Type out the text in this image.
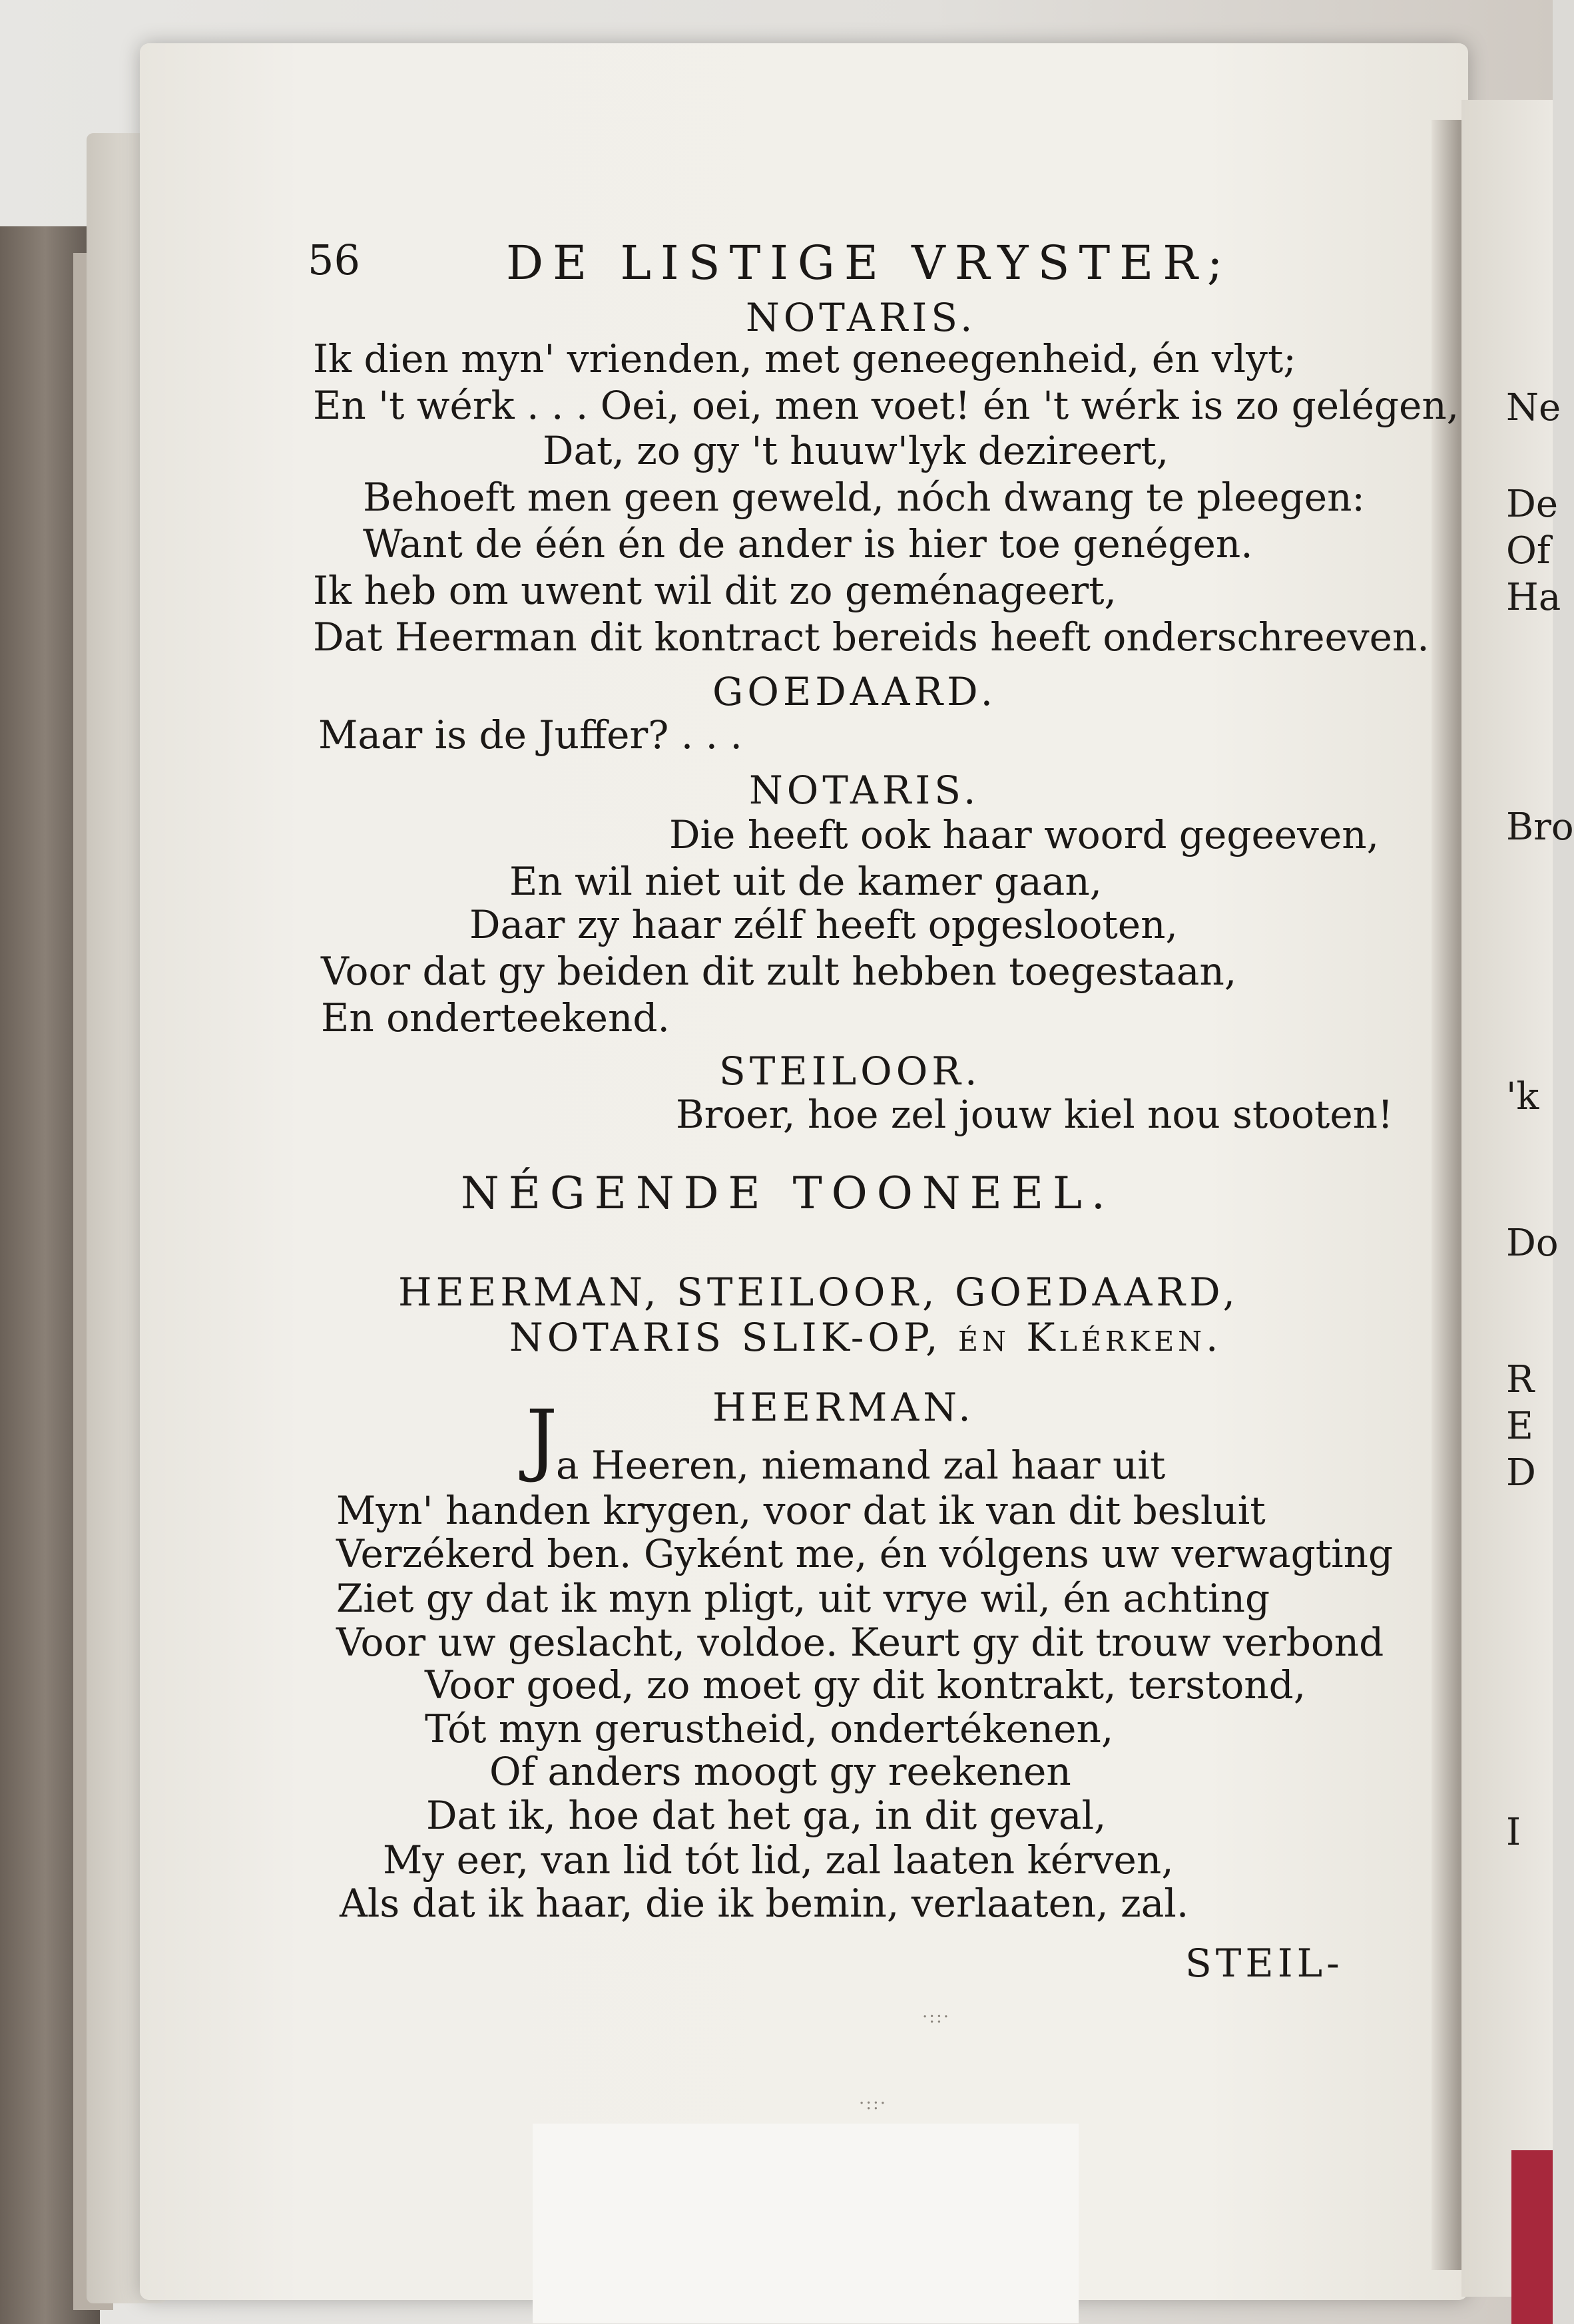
Ne
De
Of
Ha
Bro
'k
Do
R
E
D
I
56	DE LISTIGE VRYSTER;
NOTARIS.
Ik dien myn' vrienden, met geneegenheid, én vlyt;
En 't wérk . . . Oei, oei, men voet! én 't wérk is zo gelégen,
Dat, zo gy 't huuw'lyk dezireert,
Behoeft men geen geweld, nóch dwang te pleegen:
Want de één én de ander is hier toe genégen.
Ik heb om uwent wil dit zo geménageert,
Dat Heerman dit kontract bereids heeft onderschreeven.
GOEDAARD.
Maar is de Juffer? . . .
NOTARIS.
Die heeft ook haar woord gegeeven,
En wil niet uit de kamer gaan,
Daar zy haar zélf heeft opgeslooten,
Voor dat gy beiden dit zult hebben toegestaan,
En onderteekend.
STEILOOR.
Broer, hoe zel jouw kiel nou stooten!
NÉGENDE TOONEEL.
HEERMAN, STEILOOR, GOEDAARD,
NOTARIS SLIK-OP, én Klérken.
HEERMAN.
J
a Heeren, niemand zal haar uit
Myn' handen krygen, voor dat ik van dit besluit
Verzékerd ben. Gyként me, én vólgens uw verwagting
Ziet gy dat ik myn pligt, uit vrye wil, én achting
Voor uw geslacht, voldoe. Keurt gy dit trouw verbond
Voor goed, zo moet gy dit kontrakt, terstond,
Tót myn gerustheid, ondertékenen,
Of anders moogt gy reekenen
Dat ik, hoe dat het ga, in dit geval,
My eer, van lid tót lid, zal laaten kérven,
Als dat ik haar, die ik bemin, verlaaten, zal.
STEIL-
·::·
·::·
